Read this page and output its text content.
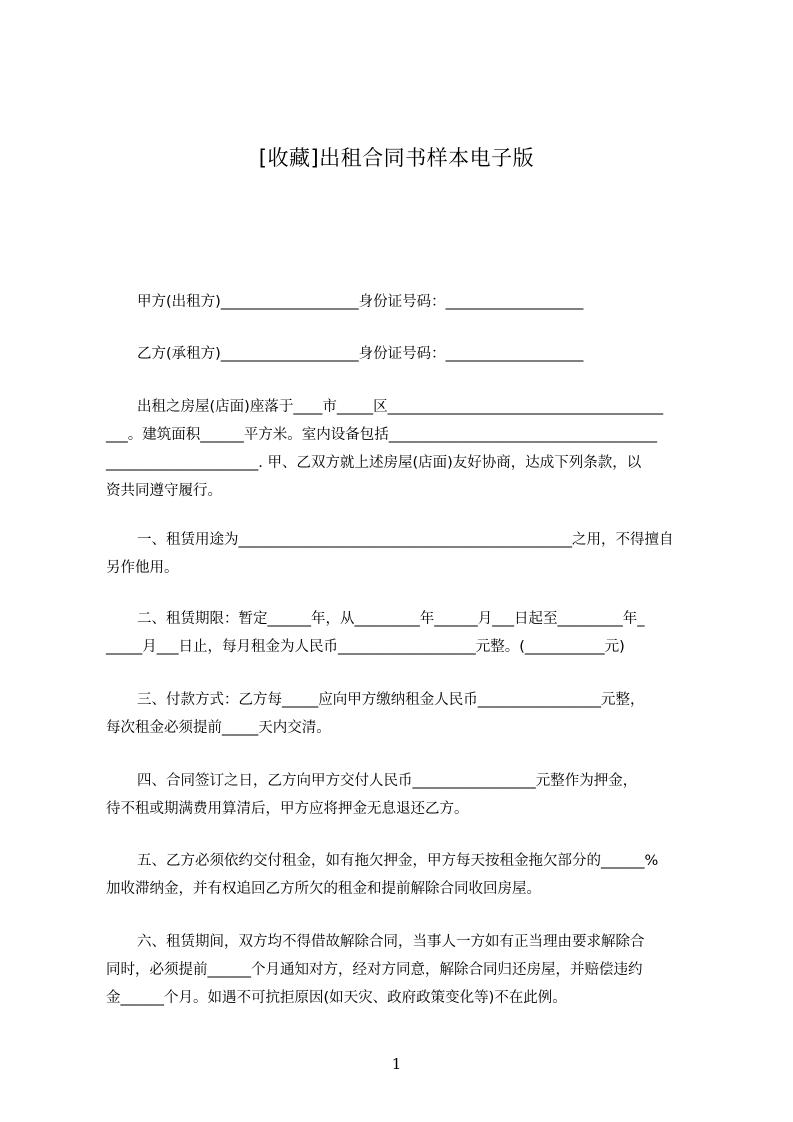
[收藏]出租合同书样本电子版
甲方(出租方)___________________身份证号码：___________________
乙方(承租方)___________________身份证号码：___________________
出租之房屋(店面)座落于____市_____区______________________________________
___。建筑面积______平方米。室内设备包括_____________________________________
_____________________. 甲、乙双方就上述房屋(店面)友好协商，达成下列条款，以
资共同遵守履行。
一、租赁用途为______________________________________________之用，不得擅自
另作他用。
二、租赁期限：暂定______年，从_________年______月___日起至_________年_
_____月___日止，每月租金为人民币___________________元整。(___________元)
三、付款方式：乙方每_____应向甲方缴纳租金人民币_________________元整，
每次租金必须提前_____天内交清。
四、合同签订之日，乙方向甲方交付人民币_________________元整作为押金，
待不租或期满费用算清后，甲方应将押金无息退还乙方。
五、乙方必须依约交付租金，如有拖欠押金，甲方每天按租金拖欠部分的______%
加收滞纳金，并有权追回乙方所欠的租金和提前解除合同收回房屋。
六、租赁期间，双方均不得借故解除合同，当事人一方如有正当理由要求解除合
同时，必须提前______个月通知对方，经对方同意，解除合同归还房屋，并赔偿违约
金______个月。如遇不可抗拒原因(如天灾、政府政策变化等)不在此例。
1
